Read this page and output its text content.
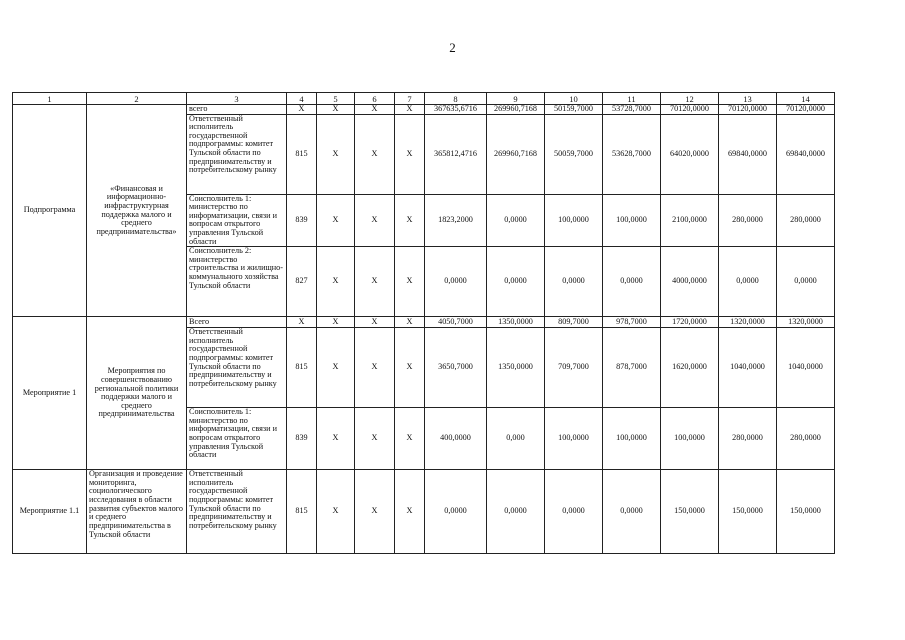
2
1	2	3	4	5	6	7	8	9	10	11	12	13	14
Подпрограмма	«Финансовая и информационно-инфраструктурная поддержка малого и среднего предпринимательства»	всего	X	X	X	X	367635,6716	269960,7168	50159,7000	53728,7000	70120,0000	70120,0000	70120,0000
		Ответственный исполнитель государственной подпрограммы: комитет Тульской области по предпринимательству и потребительскому рынку	815	X	X	X	365812,4716	269960,7168	50059,7000	53628,7000	64020,0000	69840,0000	69840,0000
		Соисполнитель 1: министерство по информатизации, связи и вопросам открытого управления Тульской области	839	X	X	X	1823,2000	0,0000	100,0000	100,0000	2100,0000	280,0000	280,0000
		Соисполнитель 2: министерство строительства и жилищно-коммунального хозяйства Тульской области	827	X	X	X	0,0000	0,0000	0,0000	0,0000	4000,0000	0,0000	0,0000
Мероприятие 1	Мероприятия по совершенствованию региональной политики поддержки малого и среднего предпринимательства	Всего	X	X	X	X	4050,7000	1350,0000	809,7000	978,7000	1720,0000	1320,0000	1320,0000
		Ответственный исполнитель государственной подпрограммы: комитет Тульской области по предпринимательству и потребительскому рынку	815	X	X	X	3650,7000	1350,0000	709,7000	878,7000	1620,0000	1040,0000	1040,0000
		Соисполнитель 1: министерство по информатизации, связи и вопросам открытого управления Тульской области	839	X	X	X	400,0000	0,000	100,0000	100,0000	100,0000	280,0000	280,0000
Мероприятие 1.1	Организация и проведение мониторинга, социологического исследования в области развития субъектов малого и среднего предпринимательства в Тульской области	Ответственный исполнитель государственной подпрограммы: комитет Тульской области по предпринимательству и потребительскому рынку	815	X	X	X	0,0000	0,0000	0,0000	0,0000	150,0000	150,0000	150,0000
